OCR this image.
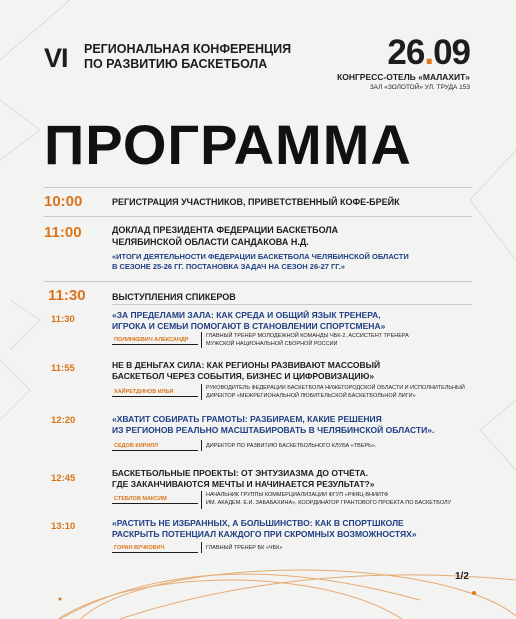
VI РЕГИОНАЛЬНАЯ КОНФЕРЕНЦИЯ
ПО РАЗВИТИЮ БАСКЕТБОЛА	26.09
КОНГРЕСС-ОТЕЛЬ «МАЛАХИТ»
ЗАЛ «ЗОЛОТОЙ» УЛ. ТРУДА 153
ПРОГРАММА
10:00	РЕГИСТРАЦИЯ УЧАСТНИКОВ, ПРИВЕТСТВЕННЫЙ КОФЕ-БРЕЙК
11:00	ДОКЛАД ПРЕЗИДЕНТА ФЕДЕРАЦИИ БАСКЕТБОЛА
ЧЕЛЯБИНСКОЙ ОБЛАСТИ САНДАКОВА Н.Д.
«ИТОГИ ДЕЯТЕЛЬНОСТИ ФЕДЕРАЦИИ БАСКЕТБОЛА ЧЕЛЯБИНСКОЙ ОБЛАСТИ
В СЕЗОНЕ 25-26 ГГ. ПОСТАНОВКА ЗАДАЧ НА СЕЗОН 26-27 ГГ.»
11:30	ВЫСТУПЛЕНИЯ СПИКЕРОВ
11:30	«ЗА ПРЕДЕЛАМИ ЗАЛА: КАК СРЕДА И ОБЩИЙ ЯЗЫК ТРЕНЕРА,
ИГРОКА И СЕМЬИ ПОМОГАЮТ В СТАНОВЛЕНИИ СПОРТСМЕНА»
ПОЛИНКЕВИЧ АЛЕКСАНДР
ГЛАВНЫЙ ТРЕНЕР МОЛОДЕЖНОЙ КОМАНДЫ ЧБК-2, АССИСТЕНТ ТРЕНЕРА
МУЖСКОЙ НАЦИОНАЛЬНОЙ СБОРНОЙ РОССИИ
11:55	НЕ В ДЕНЬГАХ СИЛА: КАК РЕГИОНЫ РАЗВИВАЮТ МАССОВЫЙ
БАСКЕТБОЛ ЧЕРЕЗ СОБЫТИЯ, БИЗНЕС И ЦИФРОВИЗАЦИЮ»
ХАЙРЕТДИНОВ ИЛЬЯ
РУКОВОДИТЕЛЬ ФЕДЕРАЦИИ БАСКЕТБОЛА НИЖЕГОРОДСКОЙ ОБЛАСТИ И ИСПОЛНИТЕЛЬНЫЙ
ДИРЕКТОР «МЕЖРЕГИОНАЛЬНОЙ ЛЮБИТЕЛЬСКОЙ БАСКЕТБОЛЬНОЙ ЛИГИ»
12:20	«ХВАТИТ СОБИРАТЬ ГРАМОТЫ: РАЗБИРАЕМ, КАКИЕ РЕШЕНИЯ
ИЗ РЕГИОНОВ РЕАЛЬНО МАСШТАБИРОВАТЬ В ЧЕЛЯБИНСКОЙ ОБЛАСТИ».
СЕДОВ КИРИЛЛ	ДИРЕКТОР ПО РАЗВИТИЮ БАСКЕТБОЛЬНОГО КЛУБА «ТВЕРЬ».
12:45	БАСКЕТБОЛЬНЫЕ ПРОЕКТЫ: ОТ ЭНТУЗИАЗМА ДО ОТЧЁТА.
ГДЕ ЗАКАНЧИВАЮТСЯ МЕЧТЫ И НАЧИНАЕТСЯ РЕЗУЛЬТАТ?»
СТЕБЛОВ МАКСИМ
НАЧАЛЬНИК ГРУППЫ КОММЕРЦИАЛИЗАЦИИ ФГУП «РФЯЦ-ВНИИТФ
ИМ. АКАДЕМ. Е.И. ЗАБАБАХИНА», КООРДИНАТОР ГРАНТОВОГО ПРОЕКТА ПО БАСКЕТБОЛУ
13:10	«РАСТИТЬ НЕ ИЗБРАННЫХ, А БОЛЬШИНСТВО: КАК В СПОРТШКОЛЕ
РАСКРЫТЬ ПОТЕНЦИАЛ КАЖДОГО ПРИ СКРОМНЫХ ВОЗМОЖНОСТЯХ»
ГОРАН ВУЧКОВИЧ	ГЛАВНЫЙ ТРЕНЕР БК «ЧБК»
1/2
